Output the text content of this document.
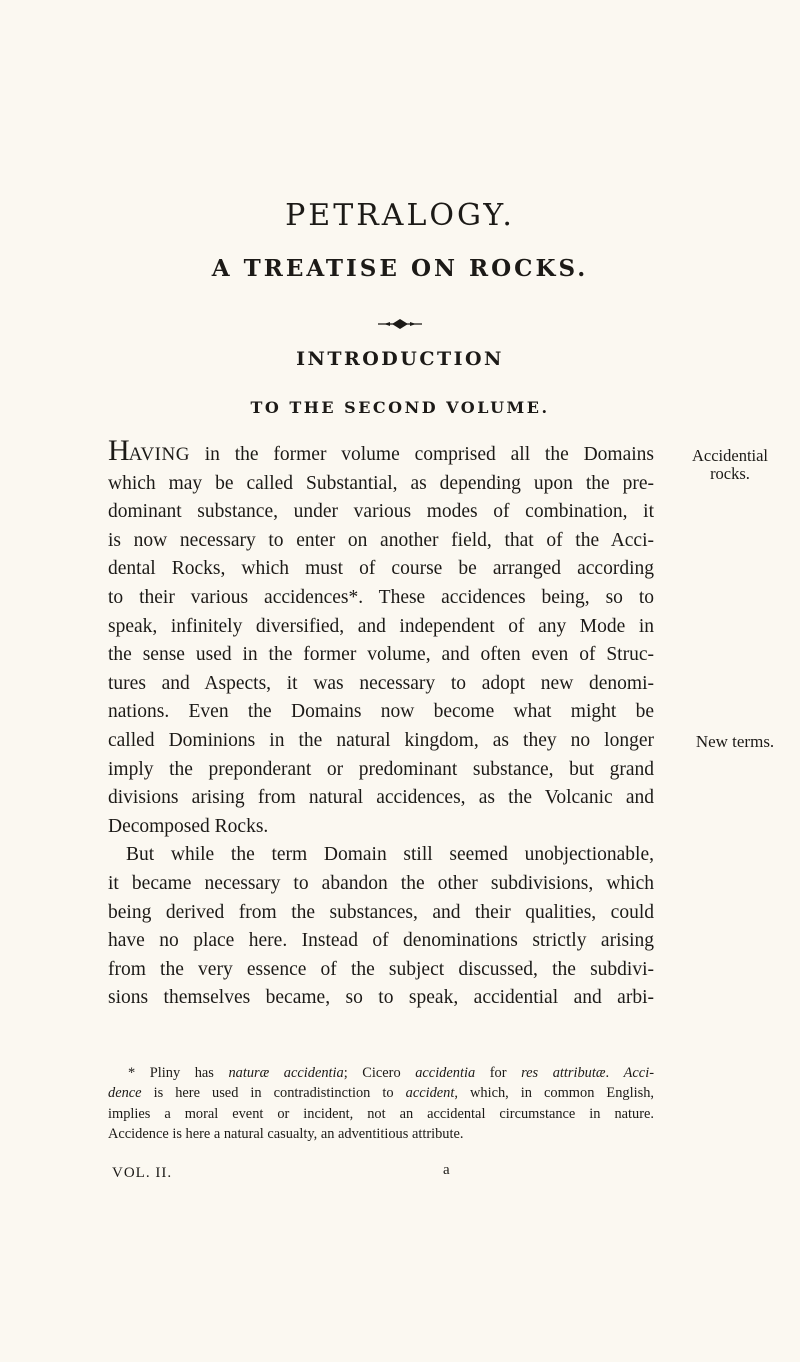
PETRALOGY.
A TREATISE ON ROCKS.
INTRODUCTION
TO THE SECOND VOLUME.
HAVING in the former volume comprised all the Domains
which may be called Substantial, as depending upon the pre-
dominant substance, under various modes of combination, it
is now necessary to enter on another field, that of the Acci-
dental Rocks, which must of course be arranged according
to their various accidences*. These accidences being, so to
speak, infinitely diversified, and independent of any Mode in
the sense used in the former volume, and often even of Struc-
tures and Aspects, it was necessary to adopt new denomi-
nations. Even the Domains now become what might be
called Dominions in the natural kingdom, as they no longer
imply the preponderant or predominant substance, but grand
divisions arising from natural accidences, as the Volcanic and
Decomposed Rocks.
But while the term Domain still seemed unobjectionable,
it became necessary to abandon the other subdivisions, which
being derived from the substances, and their qualities, could
have no place here. Instead of denominations strictly arising
from the very essence of the subject discussed, the subdivi-
sions themselves became, so to speak, accidential and arbi-
Accidential
rocks.
New terms.
* Pliny has naturæ accidentia; Cicero accidentia for res attributæ. Acci-
dence is here used in contradistinction to accident, which, in common English,
implies a moral event or incident, not an accidental circumstance in nature.
Accidence is here a natural casualty, an adventitious attribute.
VOL. II.	a
